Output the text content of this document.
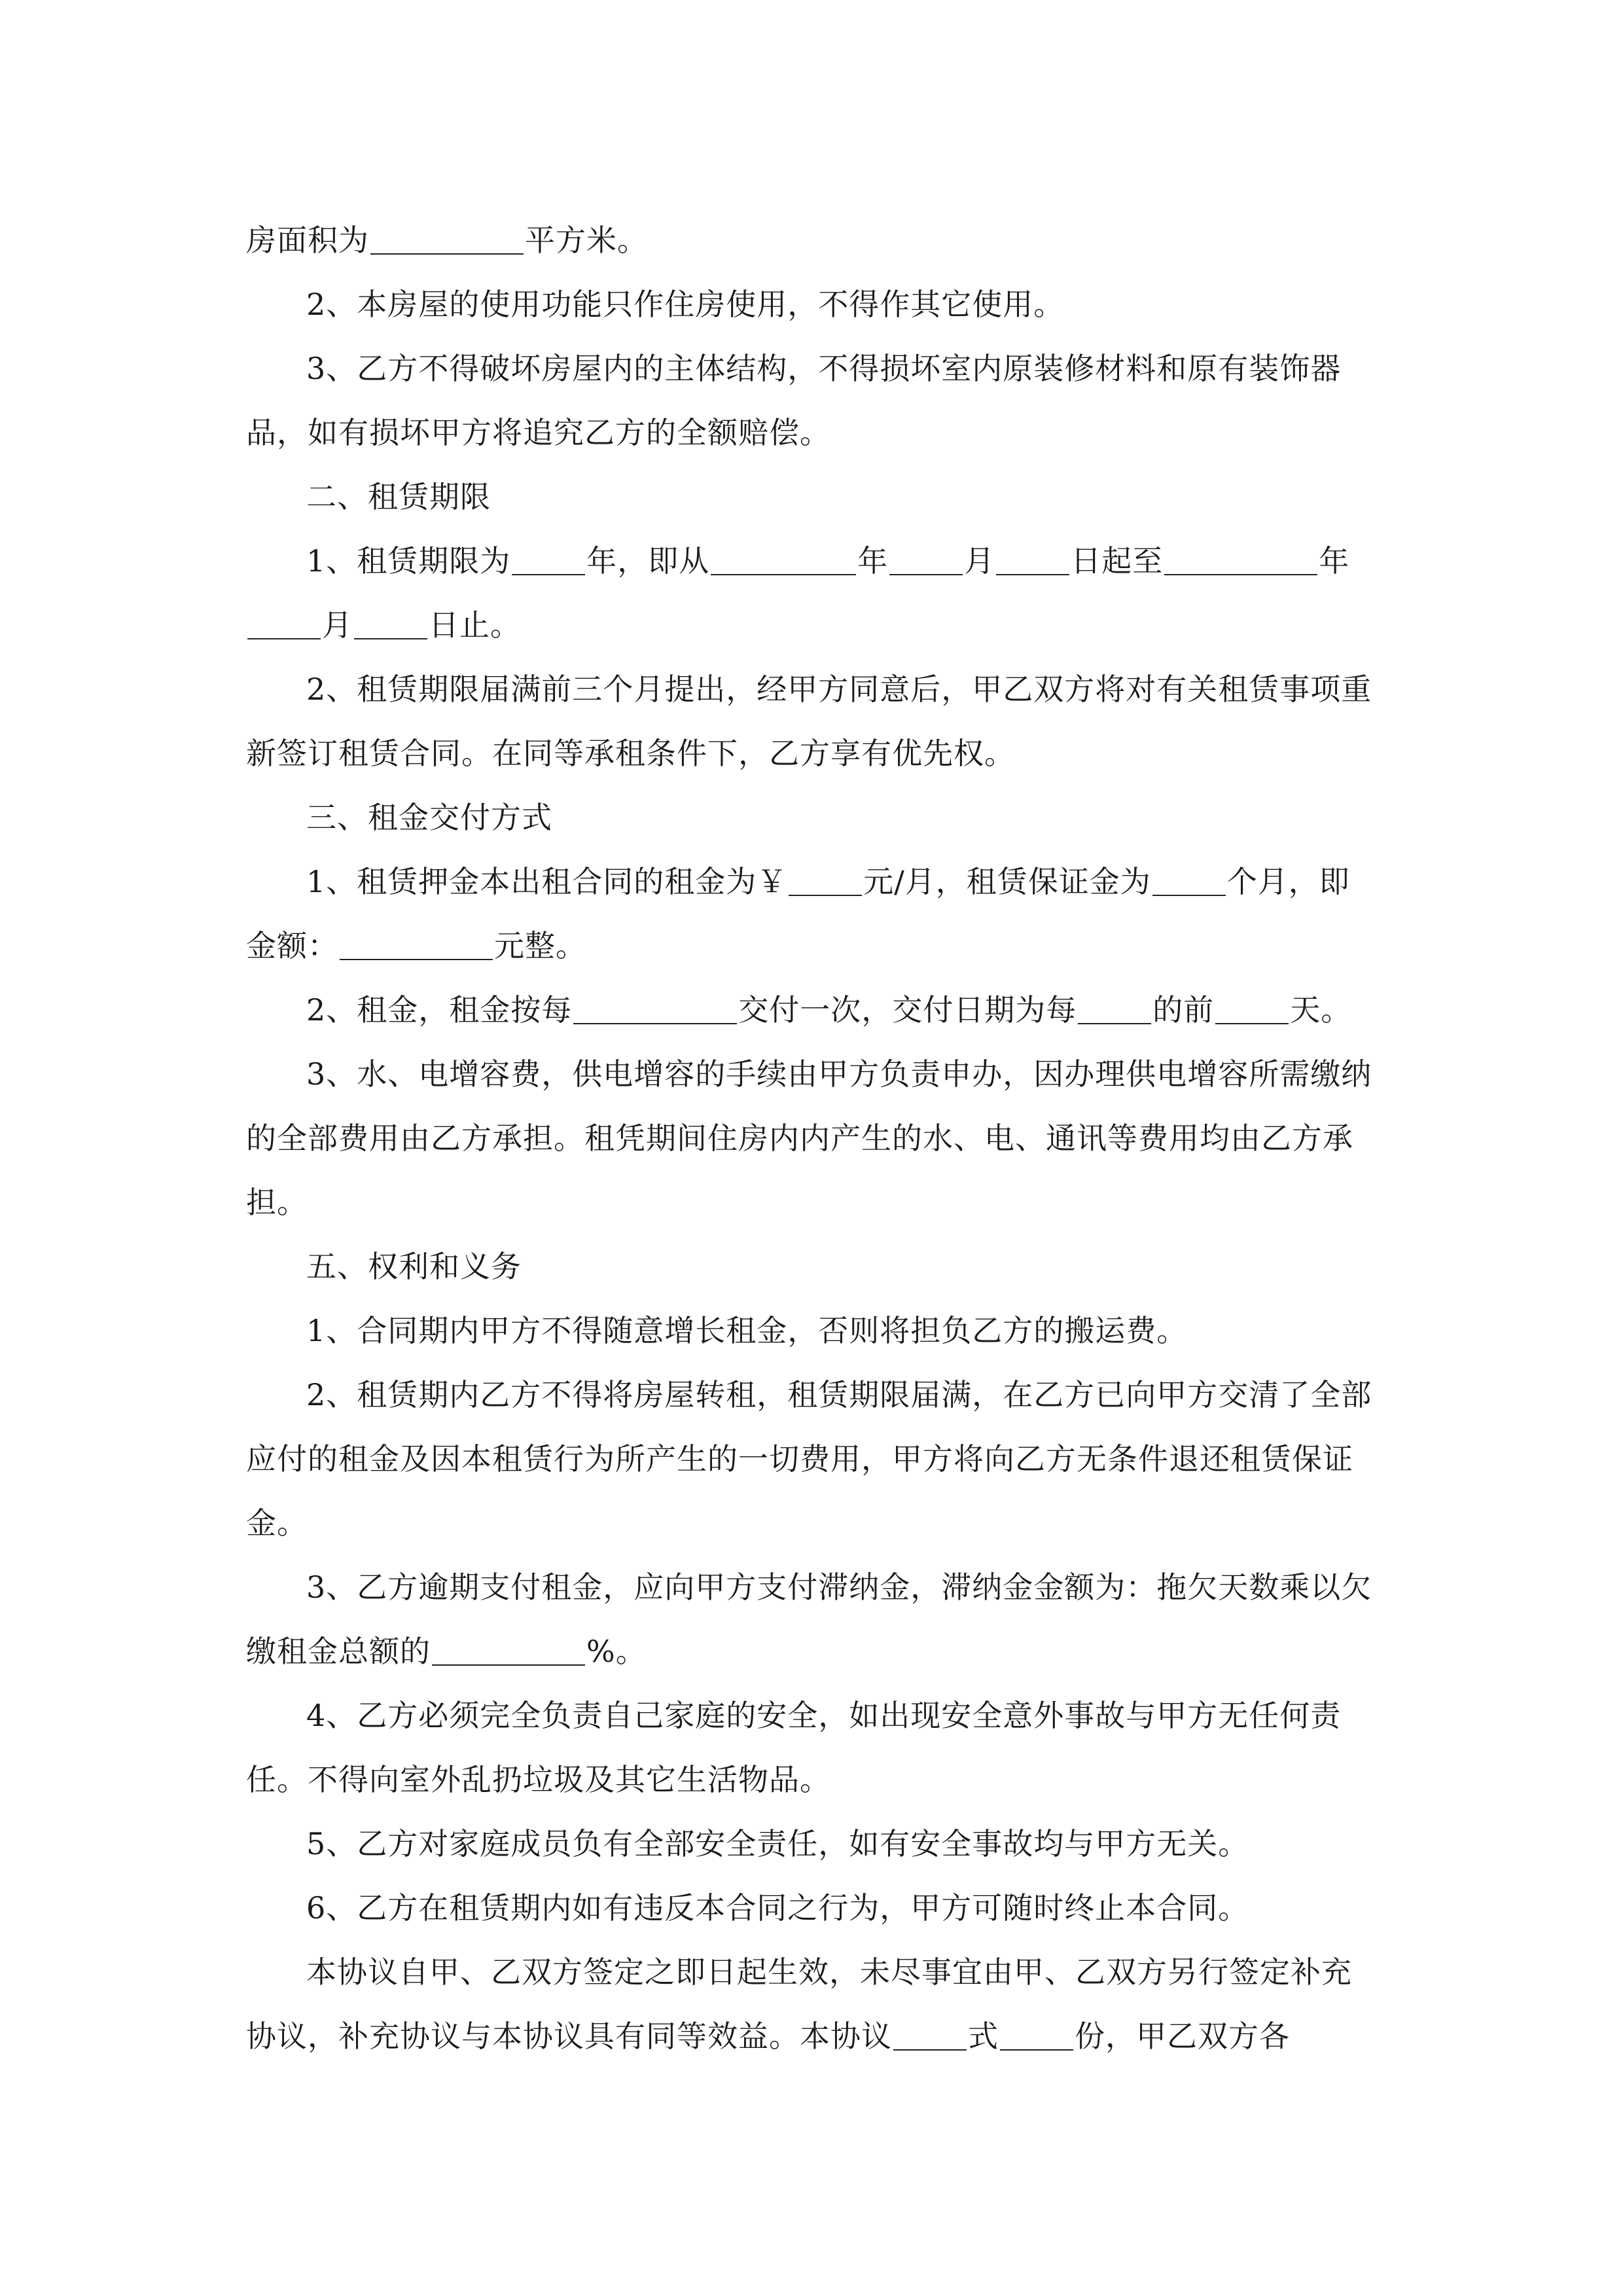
房面积为	平方米。

2、本房屋的使用功能只作住房使用，不得作其它使用。

3、乙方不得破坏房屋内的主体结构，不得损坏室内原装修材料和原有装饰器品，如有损坏甲方将追究乙方的全额赔偿。

二、租赁期限

1、租赁期限为	年，即从	年	月	日起至	年月	日止。

2、租赁期限届满前三个月提出，经甲方同意后，甲乙双方将对有关租赁事项重新签订租赁合同。在同等承租条件下，乙方享有优先权。

三、租金交付方式

1、租赁押金本出租合同的租金为￥	元/月，租赁保证金为	个月，即金额：	元整。

2、租金，租金按每	交付一次，交付日期为每	的前	天。

3、水、电增容费，供电增容的手续由甲方负责申办，因办理供电增容所需缴纳的全部费用由乙方承担。租凭期间住房内内产生的水、电、通讯等费用均由乙方承担。

五、权利和义务

1、合同期内甲方不得随意增长租金，否则将担负乙方的搬运费。

2、租赁期内乙方不得将房屋转租，租赁期限届满，在乙方已向甲方交清了全部应付的租金及因本租赁行为所产生的一切费用，甲方将向乙方无条件退还租赁保证金。

3、乙方逾期支付租金，应向甲方支付滞纳金，滞纳金金额为：拖欠天数乘以欠缴租金总额的	%。

4、乙方必须完全负责自己家庭的安全，如出现安全意外事故与甲方无任何责任。不得向室外乱扔垃圾及其它生活物品。

5、乙方对家庭成员负有全部安全责任，如有安全事故均与甲方无关。

6、乙方在租赁期内如有违反本合同之行为，甲方可随时终止本合同。

本协议自甲、乙双方签定之即日起生效，未尽事宜由甲、乙双方另行签定补充协议，补充协议与本协议具有同等效益。本协议	式	份，甲乙双方各
